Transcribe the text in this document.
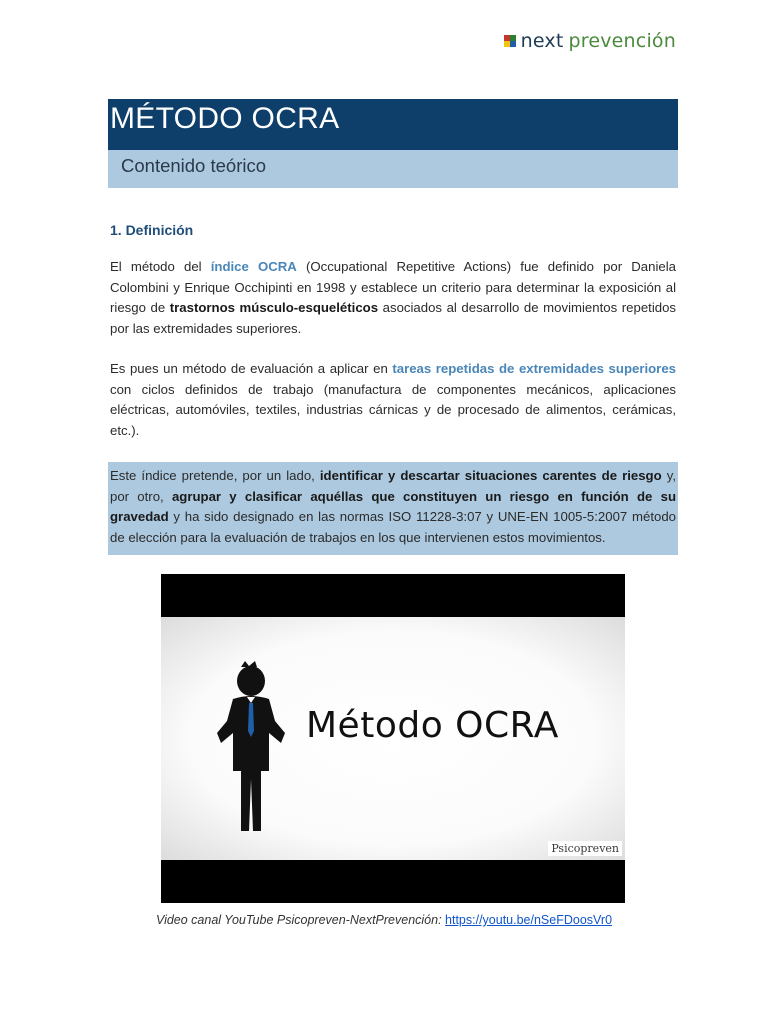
next prevención
MÉTODO OCRA
Contenido teórico
1. Definición
El método del índice OCRA (Occupational Repetitive Actions) fue definido por Daniela Colombini y Enrique Occhipinti en 1998 y establece un criterio para determinar la exposición al riesgo de trastornos músculo-esqueléticos asociados al desarrollo de movimientos repetidos por las extremidades superiores.
Es pues un método de evaluación a aplicar en tareas repetidas de extremidades superiores con ciclos definidos de trabajo (manufactura de componentes mecánicos, aplicaciones eléctricas, automóviles, textiles, industrias cárnicas y de procesado de alimentos, cerámicas, etc.).
Este índice pretende, por un lado, identificar y descartar situaciones carentes de riesgo y, por otro, agrupar y clasificar aquéllas que constituyen un riesgo en función de su gravedad y ha sido designado en las normas ISO 11228-3:07 y UNE-EN 1005-5:2007 método de elección para la evaluación de trabajos en los que intervienen estos movimientos.
Método OCRA
Psicopreven
Video canal YouTube Psicopreven-NextPrevención: https://youtu.be/nSeFDoosVr0
